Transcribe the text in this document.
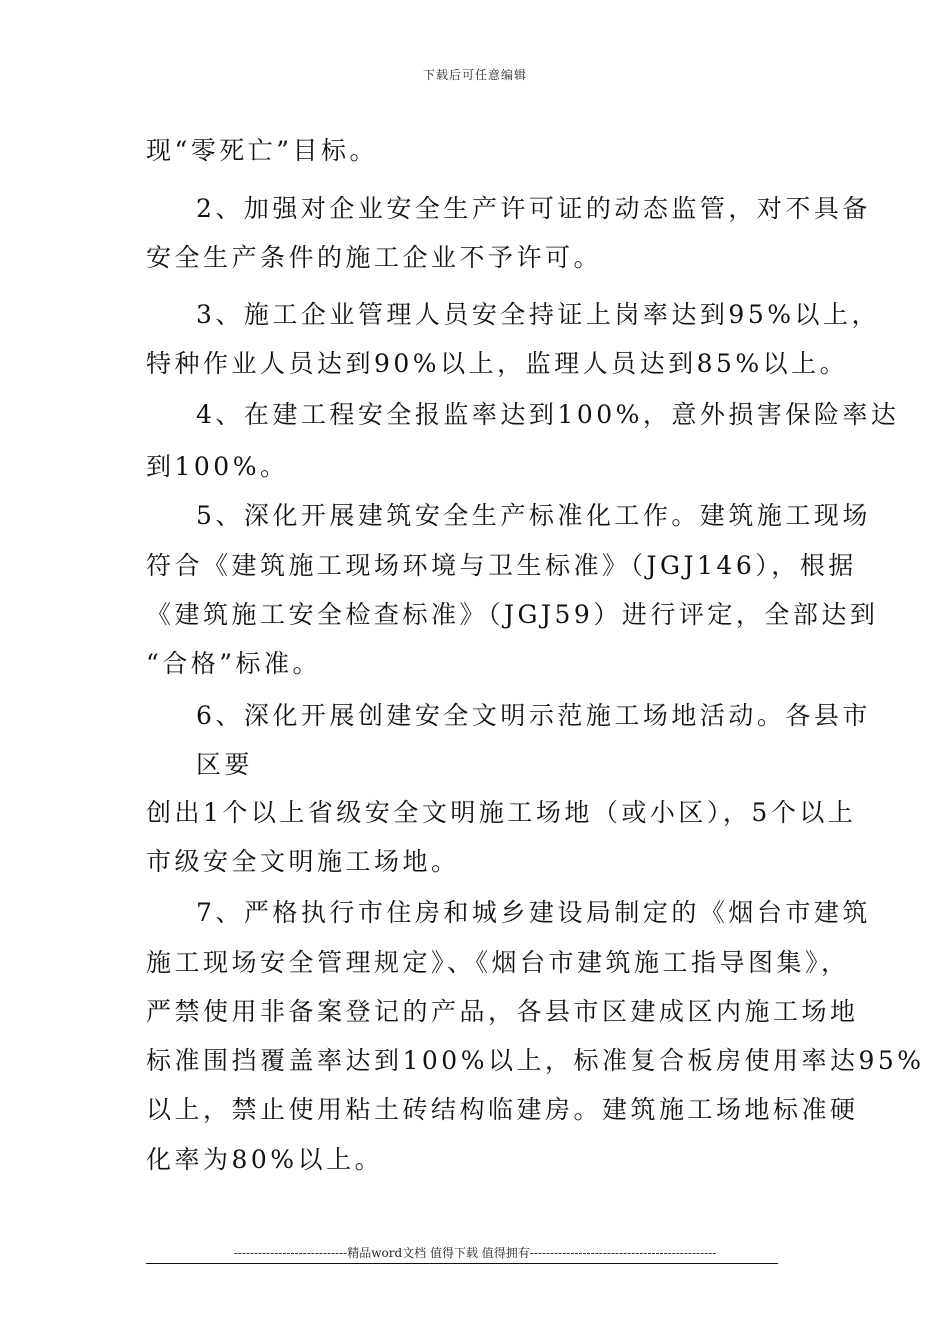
下载后可任意编辑
现“零死亡”目标。
2、加强对企业安全生产许可证的动态监管，对不具备
安全生产条件的施工企业不予许可。
3、施工企业管理人员安全持证上岗率达到95%以上，
特种作业人员达到90%以上，监理人员达到85%以上。
4、在建工程安全报监率达到100%，意外损害保险率达
到100%。
5、深化开展建筑安全生产标准化工作。建筑施工现场
符合《建筑施工现场环境与卫生标准》（JGJ146），根据
《建筑施工安全检查标准》（JGJ59）进行评定，全部达到
“合格”标准。
6、深化开展创建安全文明示范施工场地活动。各县市
区要
创出1个以上省级安全文明施工场地（或小区），5个以上
市级安全文明施工场地。
7、严格执行市住房和城乡建设局制定的《烟台市建筑
施工现场安全管理规定》、《烟台市建筑施工指导图集》，
严禁使用非备案登记的产品，各县市区建成区内施工场地
标准围挡覆盖率达到100%以上，标准复合板房使用率达95%
以上，禁止使用粘土砖结构临建房。建筑施工场地标准硬
化率为80%以上。
----------------------------精品word文档 值得下载 值得拥有----------------------------------------------
